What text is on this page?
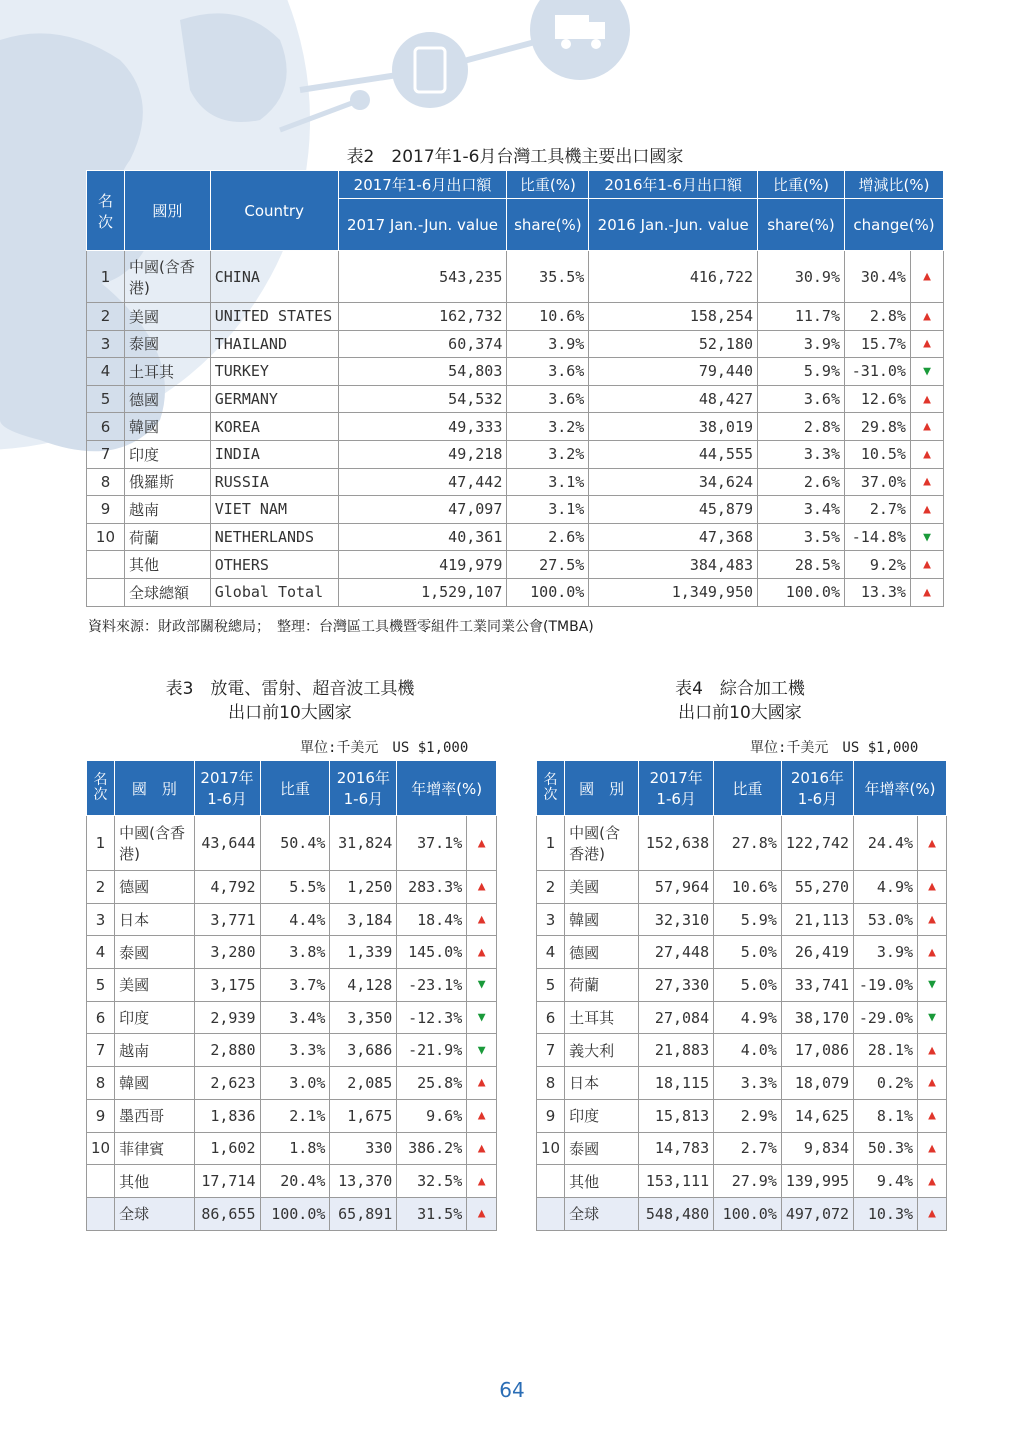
表2　2017年1-6月台灣工具機主要出口國家
名次	國別	Country	2017年1-6月出口額	比重(%)	2016年1-6月出口額	比重(%)	增減比(%)	
			2017 Jan.-Jun. value	share(%)	2016 Jan.-Jun. value	share(%)	change(%)	
1	中國(含香港)	CHINA	543,235	35.5%	416,722	30.9%	30.4%	▲
2	美國	UNITED STATES	162,732	10.6%	158,254	11.7%	2.8%	▲
3	泰國	THAILAND	60,374	3.9%	52,180	3.9%	15.7%	▲
4	土耳其	TURKEY	54,803	3.6%	79,440	5.9%	-31.0%	▼
5	德國	GERMANY	54,532	3.6%	48,427	3.6%	12.6%	▲
6	韓國	KOREA	49,333	3.2%	38,019	2.8%	29.8%	▲
7	印度	INDIA	49,218	3.2%	44,555	3.3%	10.5%	▲
8	俄羅斯	RUSSIA	47,442	3.1%	34,624	2.6%	37.0%	▲
9	越南	VIET NAM	47,097	3.1%	45,879	3.4%	2.7%	▲
10	荷蘭	NETHERLANDS	40,361	2.6%	47,368	3.5%	-14.8%	▼
	其他	OTHERS	419,979	27.5%	384,483	28.5%	9.2%	▲
	全球總額	Global Total	1,529,107	100.0%	1,349,950	100.0%	13.3%	▲
資料來源：財政部關稅總局；　整理：台灣區工具機暨零組件工業同業公會(TMBA)
表3　放電、雷射、超音波工具機
出口前10大國家
單位:千美元　US $1,000
名次	國　別	2017年1-6月	比重	2016年1-6月	年增率(%)	
1	中國(含香港)	43,644	50.4%	31,824	37.1%	▲
2	德國	4,792	5.5%	1,250	283.3%	▲
3	日本	3,771	4.4%	3,184	18.4%	▲
4	泰國	3,280	3.8%	1,339	145.0%	▲
5	美國	3,175	3.7%	4,128	-23.1%	▼
6	印度	2,939	3.4%	3,350	-12.3%	▼
7	越南	2,880	3.3%	3,686	-21.9%	▼
8	韓國	2,623	3.0%	2,085	25.8%	▲
9	墨西哥	1,836	2.1%	1,675	9.6%	▲
10	菲律賓	1,602	1.8%	330	386.2%	▲
	其他	17,714	20.4%	13,370	32.5%	▲
	全球	86,655	100.0%	65,891	31.5%	▲
表4　綜合加工機
出口前10大國家
單位:千美元　US $1,000
名次	國　別	2017年1-6月	比重	2016年1-6月	年增率(%)	
1	中國(含香港)	152,638	27.8%	122,742	24.4%	▲
2	美國	57,964	10.6%	55,270	4.9%	▲
3	韓國	32,310	5.9%	21,113	53.0%	▲
4	德國	27,448	5.0%	26,419	3.9%	▲
5	荷蘭	27,330	5.0%	33,741	-19.0%	▼
6	土耳其	27,084	4.9%	38,170	-29.0%	▼
7	義大利	21,883	4.0%	17,086	28.1%	▲
8	日本	18,115	3.3%	18,079	0.2%	▲
9	印度	15,813	2.9%	14,625	8.1%	▲
10	泰國	14,783	2.7%	9,834	50.3%	▲
	其他	153,111	27.9%	139,995	9.4%	▲
	全球	548,480	100.0%	497,072	10.3%	▲
64
